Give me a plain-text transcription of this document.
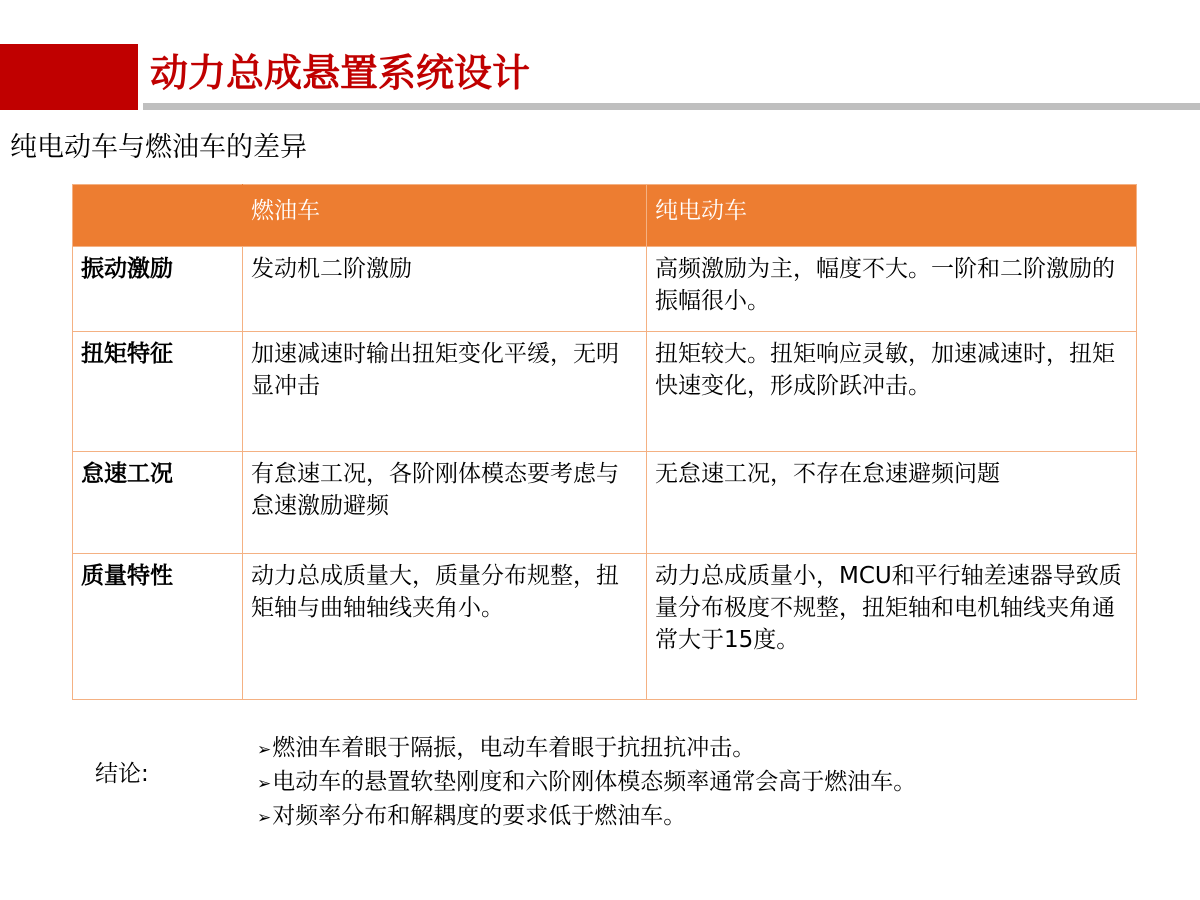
动力总成悬置系统设计
纯电动车与燃油车的差异
	燃油车	纯电动车
振动激励	发动机二阶激励	高频激励为主，幅度不大。一阶和二阶激励的振幅很小。
扭矩特征	加速减速时输出扭矩变化平缓，无明显冲击	扭矩较大。扭矩响应灵敏，加速减速时，扭矩快速变化，形成阶跃冲击。
怠速工况	有怠速工况，各阶刚体模态要考虑与怠速激励避频	无怠速工况，不存在怠速避频问题
质量特性	动力总成质量大，质量分布规整，扭矩轴与曲轴轴线夹角小。	动力总成质量小，MCU和平行轴差速器导致质量分布极度不规整，扭矩轴和电机轴线夹角通常大于15度。
结论:
➢燃油车着眼于隔振，电动车着眼于抗扭抗冲击。
➢电动车的悬置软垫刚度和六阶刚体模态频率通常会高于燃油车。
➢对频率分布和解耦度的要求低于燃油车。
